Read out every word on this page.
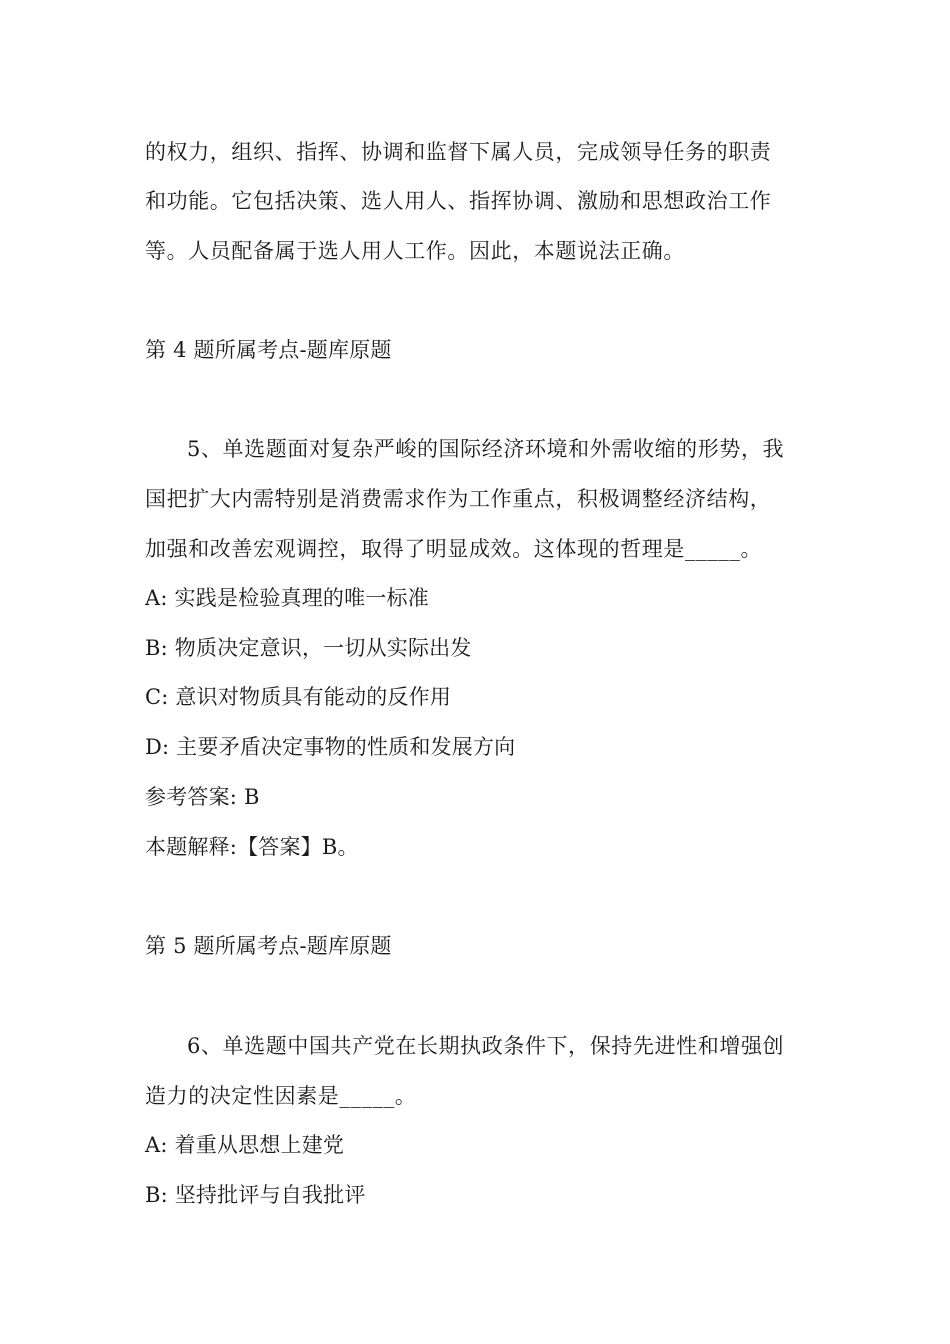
的权力，组织、指挥、协调和监督下属人员，完成领导任务的职责
和功能。它包括决策、选人用人、指挥协调、激励和思想政治工作
等。人员配备属于选人用人工作。因此，本题说法正确。
第 4 题所属考点-题库原题
5、单选题面对复杂严峻的国际经济环境和外需收缩的形势，我
国把扩大内需特别是消费需求作为工作重点，积极调整经济结构，
加强和改善宏观调控，取得了明显成效。这体现的哲理是_____。
A: 实践是检验真理的唯一标准
B: 物质决定意识，一切从实际出发
C: 意识对物质具有能动的反作用
D: 主要矛盾决定事物的性质和发展方向
参考答案: B
本题解释:【答案】B。
第 5 题所属考点-题库原题
6、单选题中国共产党在长期执政条件下，保持先进性和增强创
造力的决定性因素是_____。
A: 着重从思想上建党
B: 坚持批评与自我批评
